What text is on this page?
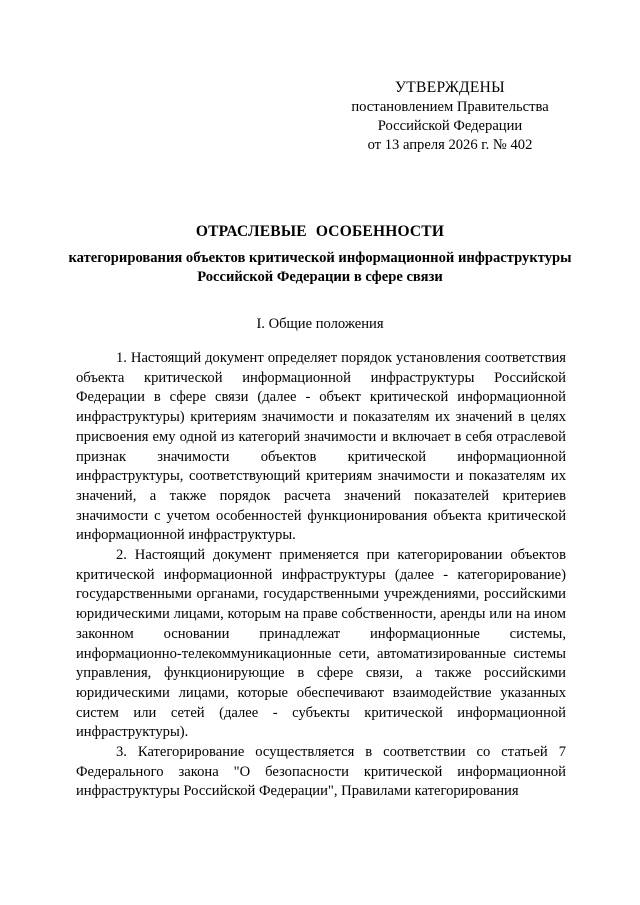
УТВЕРЖДЕНЫ
постановлением Правительства
Российской Федерации
от 13 апреля 2026 г. № 402
ОТРАСЛЕВЫЕ ОСОБЕННОСТИ
категорирования объектов критической информационной инфраструктуры Российской Федерации в сфере связи
I. Общие положения

1. Настоящий документ определяет порядок установления соответствия объекта критической информационной инфраструктуры Российской Федерации в сфере связи (далее - объект критической информационной инфраструктуры) критериям значимости и показателям их значений в целях присвоения ему одной из категорий значимости и включает в себя отраслевой признак значимости объектов критической информационной инфраструктуры, соответствующий критериям значимости и показателям их значений, а также порядок расчета значений показателей критериев значимости с учетом особенностей функционирования объекта критической информационной инфраструктуры.

2. Настоящий документ применяется при категорировании объектов критической информационной инфраструктуры (далее - категорирование) государственными органами, государственными учреждениями, российскими юридическими лицами, которым на праве собственности, аренды или на ином законном основании принадлежат информационные системы, информационно-телекоммуникационные сети, автоматизированные системы управления, функционирующие в сфере связи, а также российскими юридическими лицами, которые обеспечивают взаимодействие указанных систем или сетей (далее - субъекты критической информационной инфраструктуры).

3. Категорирование осуществляется в соответствии со статьей 7 Федерального закона "О безопасности критической информационной инфраструктуры Российской Федерации", Правилами категорирования
